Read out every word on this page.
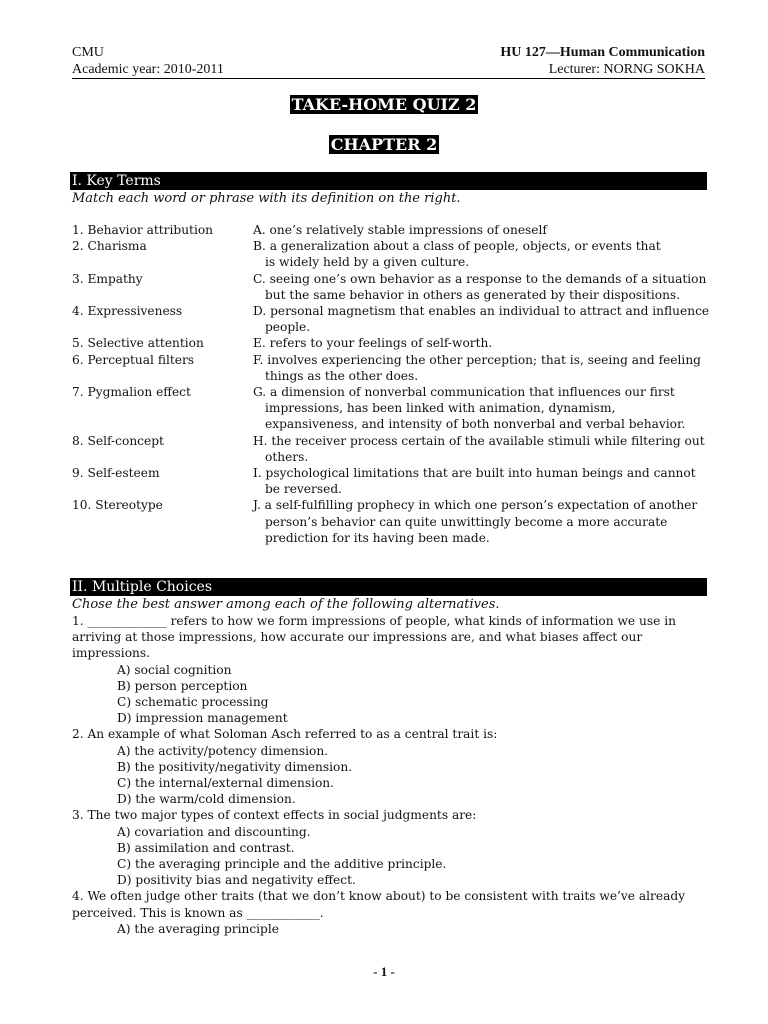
CMU
Academic year: 2010-2011
HU 127—Human Communication
Lecturer: NORNG SOKHA
TAKE-HOME QUIZ 2
CHAPTER 2
I. Key Terms
Match each word or phrase with its definition on the right.
1. Behavior attribution	A. one’s relatively stable impressions of oneself
2. Charisma	B. a generalization about a class of people, objects, or events that
is widely held by a given culture.
3. Empathy	C. seeing one’s own behavior as a response to the demands of a situation
but the same behavior in others as generated by their dispositions.
4. Expressiveness	D. personal magnetism that enables an individual to attract and influence
people.
5. Selective attention	E. refers to your feelings of self-worth.
6. Perceptual filters	F. involves experiencing the other perception; that is, seeing and feeling
things as the other does.
7. Pygmalion effect	G. a dimension of nonverbal communication that influences our first
impressions, has been linked with animation, dynamism,
expansiveness, and intensity of both nonverbal and verbal behavior.
8. Self-concept	H. the receiver process certain of the available stimuli while filtering out
others.
9. Self-esteem	I. psychological limitations that are built into human beings and cannot
be reversed.
10. Stereotype	J. a self-fulfilling prophecy in which one person’s expectation of another
person’s behavior can quite unwittingly become a more accurate
prediction for its having been made.
II. Multiple Choices
Chose the best answer among each of the following alternatives.
1. _____________ refers to how we form impressions of people, what kinds of information we use in
arriving at those impressions, how accurate our impressions are, and what biases affect our
impressions.
A) social cognition
B) person perception
C) schematic processing
D) impression management
2. An example of what Soloman Asch referred to as a central trait is:
A) the activity/potency dimension.
B) the positivity/negativity dimension.
C) the internal/external dimension.
D) the warm/cold dimension.
3. The two major types of context effects in social judgments are:
A) covariation and discounting.
B) assimilation and contrast.
C) the averaging principle and the additive principle.
D) positivity bias and negativity effect.
4. We often judge other traits (that we don’t know about) to be consistent with traits we’ve already
perceived. This is known as ____________.
A) the averaging principle
- 1 -
